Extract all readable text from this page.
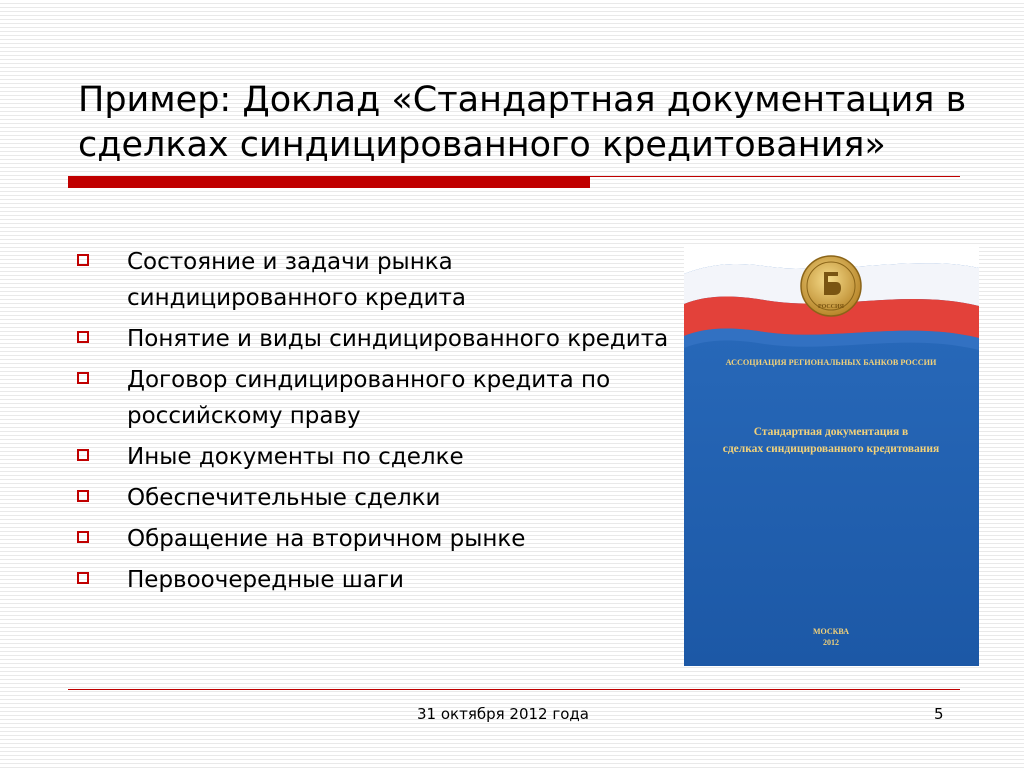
Пример: Доклад «Стандартная документация в сделках синдицированного кредитования»
Состояние и задачи рынка синдицированного кредита
Понятие и виды синдицированного кредита
Договор синдицированного кредита по российскому праву
Иные документы по сделке
Обеспечительные сделки
Обращение на вторичном рынке
Первоочередные шаги
РОССИЯ
АССОЦИАЦИЯ РЕГИОНАЛЬНЫХ БАНКОВ РОССИИ
Стандартная документация в
сделках синдицированного кредитования
МОСКВА
2012
31 октября 2012 года	5
